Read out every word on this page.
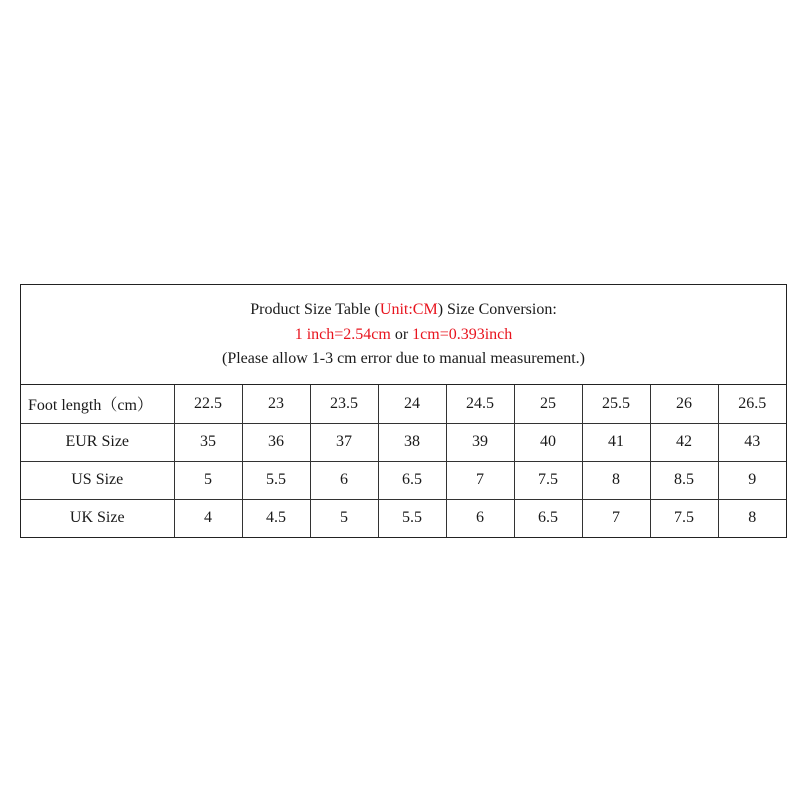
Product Size Table (Unit:CM) Size Conversion:
1 inch=2.54cm or 1cm=0.393inch
(Please allow 1-3 cm error due to manual measurement.)
Foot length（cm）	22.5	23	23.5	24	24.5	25	25.5	26	26.5
EUR Size	35	36	37	38	39	40	41	42	43
US Size	5	5.5	6	6.5	7	7.5	8	8.5	9
UK Size	4	4.5	5	5.5	6	6.5	7	7.5	8
